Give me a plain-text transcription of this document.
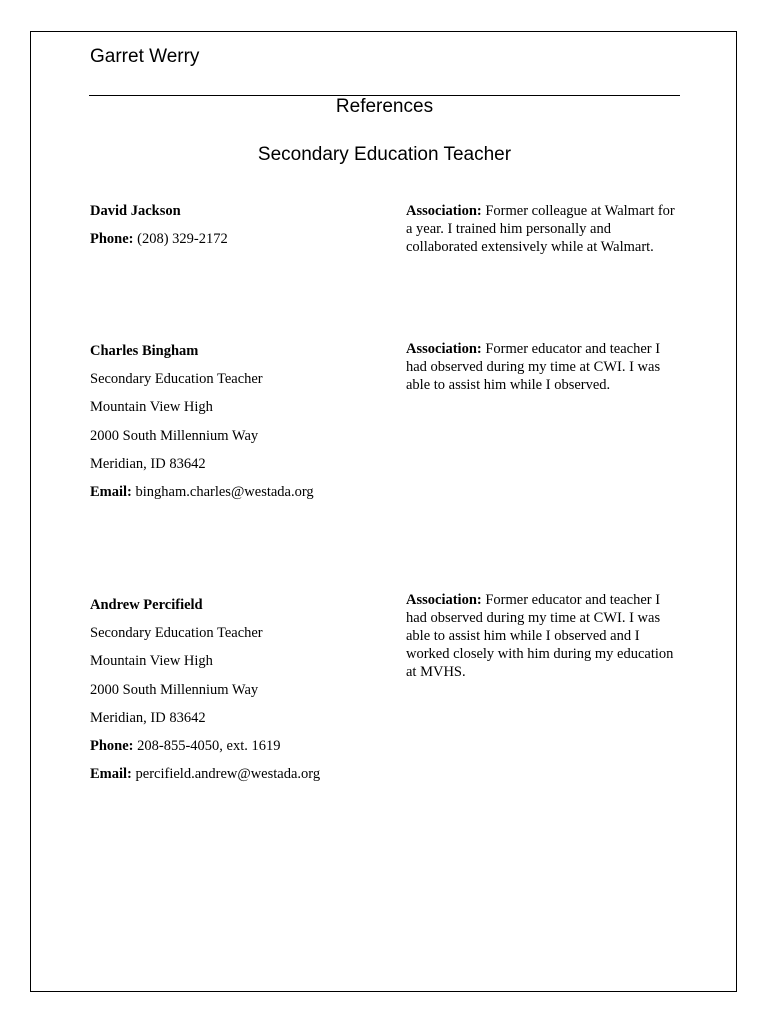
Garret Werry
References
Secondary Education Teacher
David Jackson
Phone: (208) 329-2172
Association: Former colleague at Walmart for a year. I trained him personally and collaborated extensively while at Walmart.
Charles Bingham
Secondary Education Teacher
Mountain View High
2000 South Millennium Way
Meridian, ID 83642
Email: bingham.charles@westada.org
Association: Former educator and teacher I had observed during my time at CWI. I was able to assist him while I observed.
Andrew Percifield
Secondary Education Teacher
Mountain View High
2000 South Millennium Way
Meridian, ID 83642
Phone: 208-855-4050, ext. 1619
Email: percifield.andrew@westada.org
Association: Former educator and teacher I had observed during my time at CWI. I was able to assist him while I observed and I worked closely with him during my education at MVHS.
